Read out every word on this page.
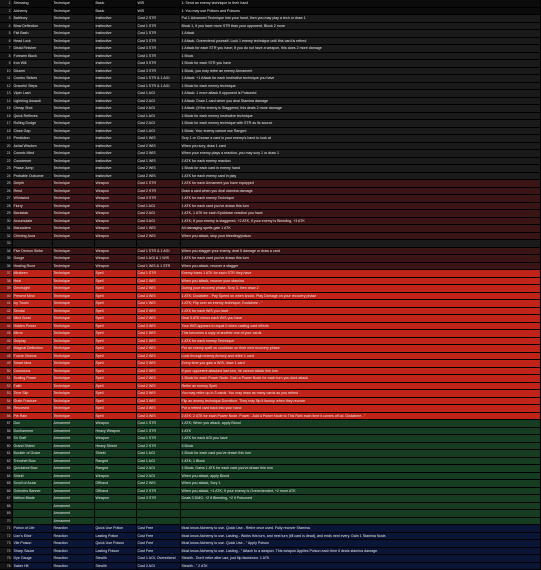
1	Stressing	Technique	Basic	WIS	1: Send an enemy technique to their hand
2	Alchemy	Technique	Basic	WIS	1: You may use Potions and Poisons
3	Battlecry	Technique	Instinctive	Cost 2 STR	Put 1 Advanced Technique into your hand, then you may play a tech or draw 1
4	Blow Deflection	Technique	Instinctive	Cost 1 STR	Block 1, if you have more STR than your opponent, Block 2 more
5	Fist Bash	Technique	Instinctive	Cost 1 STR	1 Attack
6	Head Lock	Technique	Instinctive	Cost 3 STR	1 Attack. Overextend yourself: Lock 1 enemy technique until this card is retired
7	Distal Finisher	Technique	Instinctive	Cost 3 STR	1 Attack for each STR you have; If you do not have a weapon, this does 2 more damage
8	Forearm Block	Technique	Instinctive	Cost 1 STR	1 Block
9	Iron Will	Technique	Instinctive	Cost 3 STR	1 Block for each STR you have
10	Disarm	Technique	Instinctive	Cost 3 STR	1 Block, you may retire an enemy Armament
11	Combo Strikes	Technique	Instinctive	Cost 1 STR & 1 AGI	1 Attack: +1 Attack for each Instinctive technique you have
12	Graceful Steps	Technique	Instinctive	Cost 1 STR & 1 AGI	1 Block for each enemy technique
13	Viper Lash	Technique	Instinctive	Cost 1 AGI	1 Attack: 1 more attack if opponent is Poisoned
14	Lightning Assault	Technique	Instinctive	Cost 2 AGI	1 Attack: Draw 1 card when you deal Stamina damage
15	Cheap Shot	Technique	Instinctive	Cost 2 AGI	1 Attack: (If the enemy is Staggered, this deals 2 more damage
16	Quick Reflexes	Technique	Instinctive	Cost 1 AGI	1 Block for each enemy Instinctive technique
17	Rolling Dodge	Technique	Instinctive	Cost 2 AGI	1 Block for each enemy technique with STR as its source
18	Close Gap	Technique	Instinctive	Cost 1 AGI	1 Block; Your enemy cannot use Ranged
19	Prediction	Technique	Instinctive	Cost 1 WIS	Scry 1 or Choose a card in your enemy's hand to look at
20	Astral Wisdom	Technique	Instinctive	Cost 2 WIS	When you scry, draw 1 card
21	Cosmic Mind	Technique	Instinctive	Cost 3 WIS	When your enemy plays a reaction, you may scry 1 or draw 1
22	Counterset	Technique	Instinctive	Cost 1 WIS	2 ATK for each enemy reaction
23	Phase Jump	Technique	Instinctive	Cost 2 WIS	1 Block for each card in enemy hand
24	Probable Outcome	Technique	Instinctive	Cost 2 WIS	1 ATK for each enemy card in play
25	Delpth	Technique	Weapon	Cost 1 STR	1 ATK for each Armament you have equipped
26	Rend	Technique	Weapon	Cost 2 STR	Draw a card when you deal stamina damage
27	Whirlwind	Technique	Weapon	Cost 3 STR	1 ATK for each enemy Technique
28	Flurry	Technique	Weapon	Cost 1 AGI	1 ATK for each card you've drawn this turn
29	Backstab	Technique	Weapon	Cost 2 AGI	1 ATK, 1 ATK for each Epiddown reaction you have
30	Accumulate	Technique	Weapon	Cost 3 AGI	1 ATK; If your enemy is staggered, +2 ATK, if your enemy is Bleeding, +3 ATK
31	Marauders	Technique	Weapon	Cost 1 WIS	All damaging spells gain 1 ATK
32	Chiming Aura	Technique	Weapon	Cost 2 WIS	When you attack, stop your bleeding/poison
33					
34	Five Demon Strike	Technique	Weapon	Cost 1 STR & 1 AGI	When you stagger your enemy, deal 5 damage or draw a card
35	Gouge	Technique	Weapon	Cost 1 AGI & 1 WIS	1 ATK for each card you've drawn this turn
36	Healing Rune	Technique	Weapon	Cost 1 WIS & 1 STR	When you attack, recover a stagger
37	Mirabren	Technique	Spell	Cost 1 STR	Enemy loses 1 ATK for each STR they have
38	Heal	Technique	Spell	Cost 1 WIS	When you attack, recover your stamina
39	Omnisight	Technique	Spell	Cost 2 WIS	During your recovery phase, Scry 3, then draw 2
40	Present Mind	Technique	Spell	Cost 3 WIS	1 ATK; Dodablee - Pay Speed on when knock, Play Damage on your recovery phase
41	Icy Touch	Technique	Spell	Cost 1 WIS	1 ATK; Flip over an enemy technique; Dodabree - "
42	Sendal	Technique	Spell	Cost 2 WIS	1 ATK for each WIS you have
43	Mind Burst	Technique	Spell	Cost 2 WIS	Deal 5 ATK minus each WIS you have
44	Hidden Power	Technique	Spell	Cost 3 WIS	Your WIS appears to equal 0 when casting card effects
45	Mirror	Technique	Spell	Cost 1 WIS	This becomes a copy of another one of your cards
46	Outplay	Technique	Spell	Cost 1 WIS	1 ATK for each enemy Technique
47	Magical Deflection	Technique	Spell	Cost 2 WIS	Put an enemy spell on cooldown on their next recovery phase
48	Future Visions	Technique	Spell	Cost 2 WIS	Look through enemy Armory and retire 1 card
49	Smart Idea	Technique	Spell	Cost 3 WIS	Every time you gain a WIS, draw 1 card
50	Conscious	Technique	Spell	Cost 2 WIS	If your opponent attacked last turn, he cannot attack this turn
51	Scaling Power	Technique	Spell	Cost 2 WIS	1 Block for each Power Node. Gain a Power Node for each turn you dont attack
52	Faith	Technique	Spell	Cost 2 WIS	Retire an enemy Spell
53	Time Slip	Technique	Spell	Cost 3 WIS	You may retire up to 3 cards. You may draw as many cards as you retired
54	Grain Fracture	Technique	Spell	Cost 3 WIS	Flip an enemy technique Dormitum. They may flip it faceup when they recover
55	Recursed	Technique	Spell	Cost 3 WIS	Put a retired card back into your hand
56	Pie Rain	Technique	Spell	Cost 3 WIS	2 ATK; 2 ATK for each Power Node. Power - Add a Power Node to This Rain each time it comes off cd. Dodabree - "
57	Dun	Armament	Weapon	Cost 1 STR	1 ATK; When you attack, apply Blood
58	Dunhammer	Armament	Heavy Weapon	Cost 1 STR	1 ATK
59	Sir Staff	Armament	Weapon	Cost 1 STR	1 ATK for each AGI you have
60	Grand Shield	Armament	Heavy Shield	Cost 2 STR	3 Block
61	Buckler of Grace	Armament	Shield	Cost 1 AGI	1 Block for each card you've drawn this turn
62	Trenchet Bow	Armament	Ranged	Cost 1 AGI	1 ATK; 1 Block
63	Quickshot Bow	Armament	Ranged	Cost 2 AGI	1 Block; Gains 1 ATK for each card you've drawn this turn
64	Shield	Armament	Weapon	Cost 2 AGI	When you attack, apply Blood
65	Scroll of Azzar	Armament	Offhand	Cost 2 WIS	When you attack, Scry 1
66	Ochroths Banner	Armament	Offhand	Cost 2 STR	When you attack, +1 ATK; If your enemy is Overextended, +2 more ATK
67	Mellow Blade	Armament	Weapon	Cost 3 STR	Deals 3 DMG, +2 if Bleeding, +2 if Poisoned
68		Armament			
69		Armament			
70		Armament			
71	Potion of Life	Reaction	Quick Use Potion	Cost Free	Must know Alchemy to use. Quick Use - Retire once used. Fully recover Stamina.
72	Lion's Elixir	Reaction	Lasting Potion	Cost Free	Must know Alchemy to use. Lasting - Works this turn, and next turn (till card is dead), and ends next every. Gain 1 Stamina Node.
73	Vile Poison	Reaction	Quick Use Poison	Cost Free	Must know Alchemy to use. Quick Use - " Apply Poison
74	Sharp Sauce	Reaction	Lasting Poison	Cost Free	Must know Alchemy to use. Lasting - " Attach to a weapon. This weapon Applies Poison each time it deals stamina damage.
75	Dye Gauge	Reaction	Stealth	Cost 1 AGI, Overextend	Stealth - Don't retire after use, just flip facedown. 1 ATK
76	Saber Hit	Reaction	Stealth	Cost 2 AGI	Stealth - " 2 ATK
